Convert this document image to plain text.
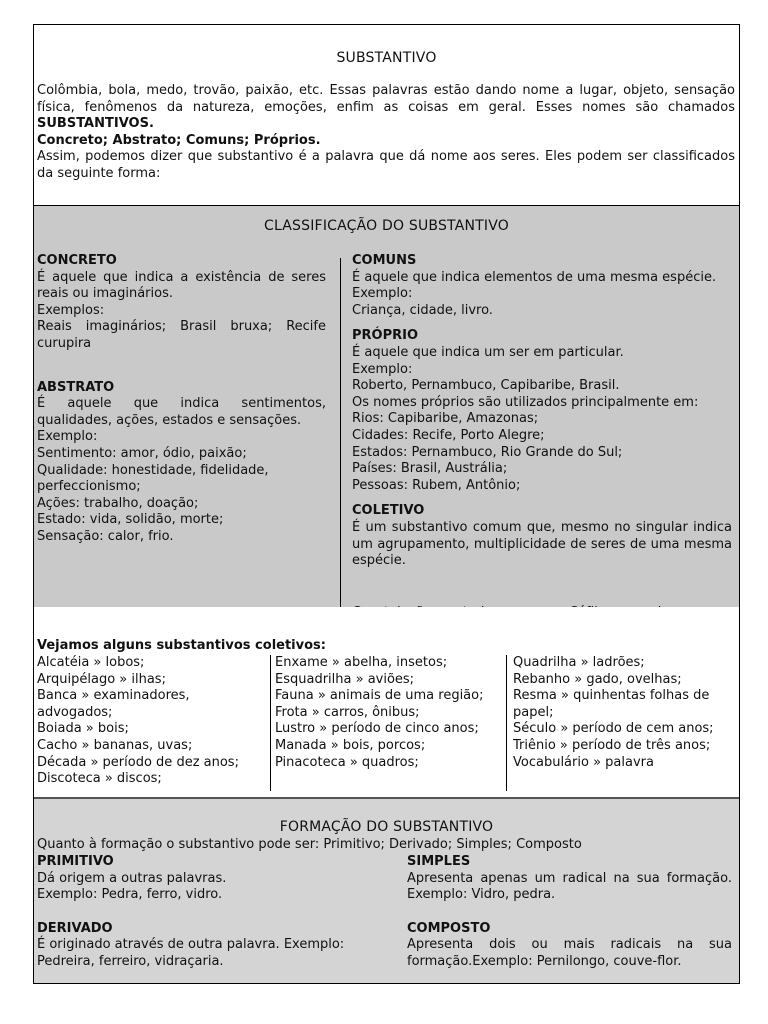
SUBSTANTIVO

Colômbia, bola, medo, trovão, paixão, etc. Essas palavras estão dando nome a lugar, objeto, sensação física, fenômenos da natureza, emoções, enfim as coisas em geral. Esses nomes são chamados SUBSTANTIVOS.

Concreto; Abstrato; Comuns; Próprios.

Assim, podemos dizer que substantivo é a palavra que dá nome aos seres. Eles podem ser classificados da seguinte forma:

CLASSIFICAÇÃO DO SUBSTANTIVO

CONCRETO

É aquele que indica a existência de seres reais ou imaginários.

Exemplos:

Reais imaginários; Brasil bruxa; Recife curupira

ABSTRATO

É aquele que indica sentimentos, qualidades, ações, estados e sensações.

Exemplo:

Sentimento: amor, ódio, paixão;

Qualidade: honestidade, fidelidade, perfeccionismo;

Ações: trabalho, doação;

Estado: vida, solidão, morte;

Sensação: calor, frio.

COMUNS

É aquele que indica elementos de uma mesma espécie.

Exemplo:

Criança, cidade, livro.

PRÓPRIO

É aquele que indica um ser em particular.

Exemplo:

Roberto, Pernambuco, Capibaribe, Brasil.

Os nomes próprios são utilizados principalmente em:

Rios: Capibaribe, Amazonas;

Cidades: Recife, Porto Alegre;

Estados: Pernambuco, Rio Grande do Sul;

Países: Brasil, Austrália;

Pessoas: Rubem, Antônio;

COLETIVO

É um substantivo comum que, mesmo no singular indica um agrupamento, multiplicidade de seres de uma mesma espécie.

Vejamos alguns substantivos coletivos:

Alcatéia » lobos;

Arquipélago » ilhas;

Banca » examinadores, advogados;

Boiada » bois;

Cacho » bananas, uvas;

Década » período de dez anos;

Discoteca » discos;

Enxame » abelha, insetos;

Esquadrilha » aviões;

Fauna » animais de uma região;

Frota » carros, ônibus;

Lustro » período de cinco anos;

Manada » bois, porcos;

Pinacoteca » quadros;

Quadrilha » ladrões;

Rebanho » gado, ovelhas;

Resma » quinhentas folhas de papel;

Século » período de cem anos;

Triênio » período de três anos;

Vocabulário » palavra

FORMAÇÃO DO SUBSTANTIVO
Quanto à formação o substantivo pode ser: Primitivo; Derivado; Simples; Composto

PRIMITIVO

Dá origem a outras palavras.

Exemplo: Pedra, ferro, vidro.

DERIVADO

É originado através de outra palavra. Exemplo: Pedreira, ferreiro, vidraçaria.

SIMPLES

Apresenta apenas um radical na sua formação. Exemplo: Vidro, pedra.

COMPOSTO

Apresenta dois ou mais radicais na sua formação.Exemplo: Pernilongo, couve-flor.
